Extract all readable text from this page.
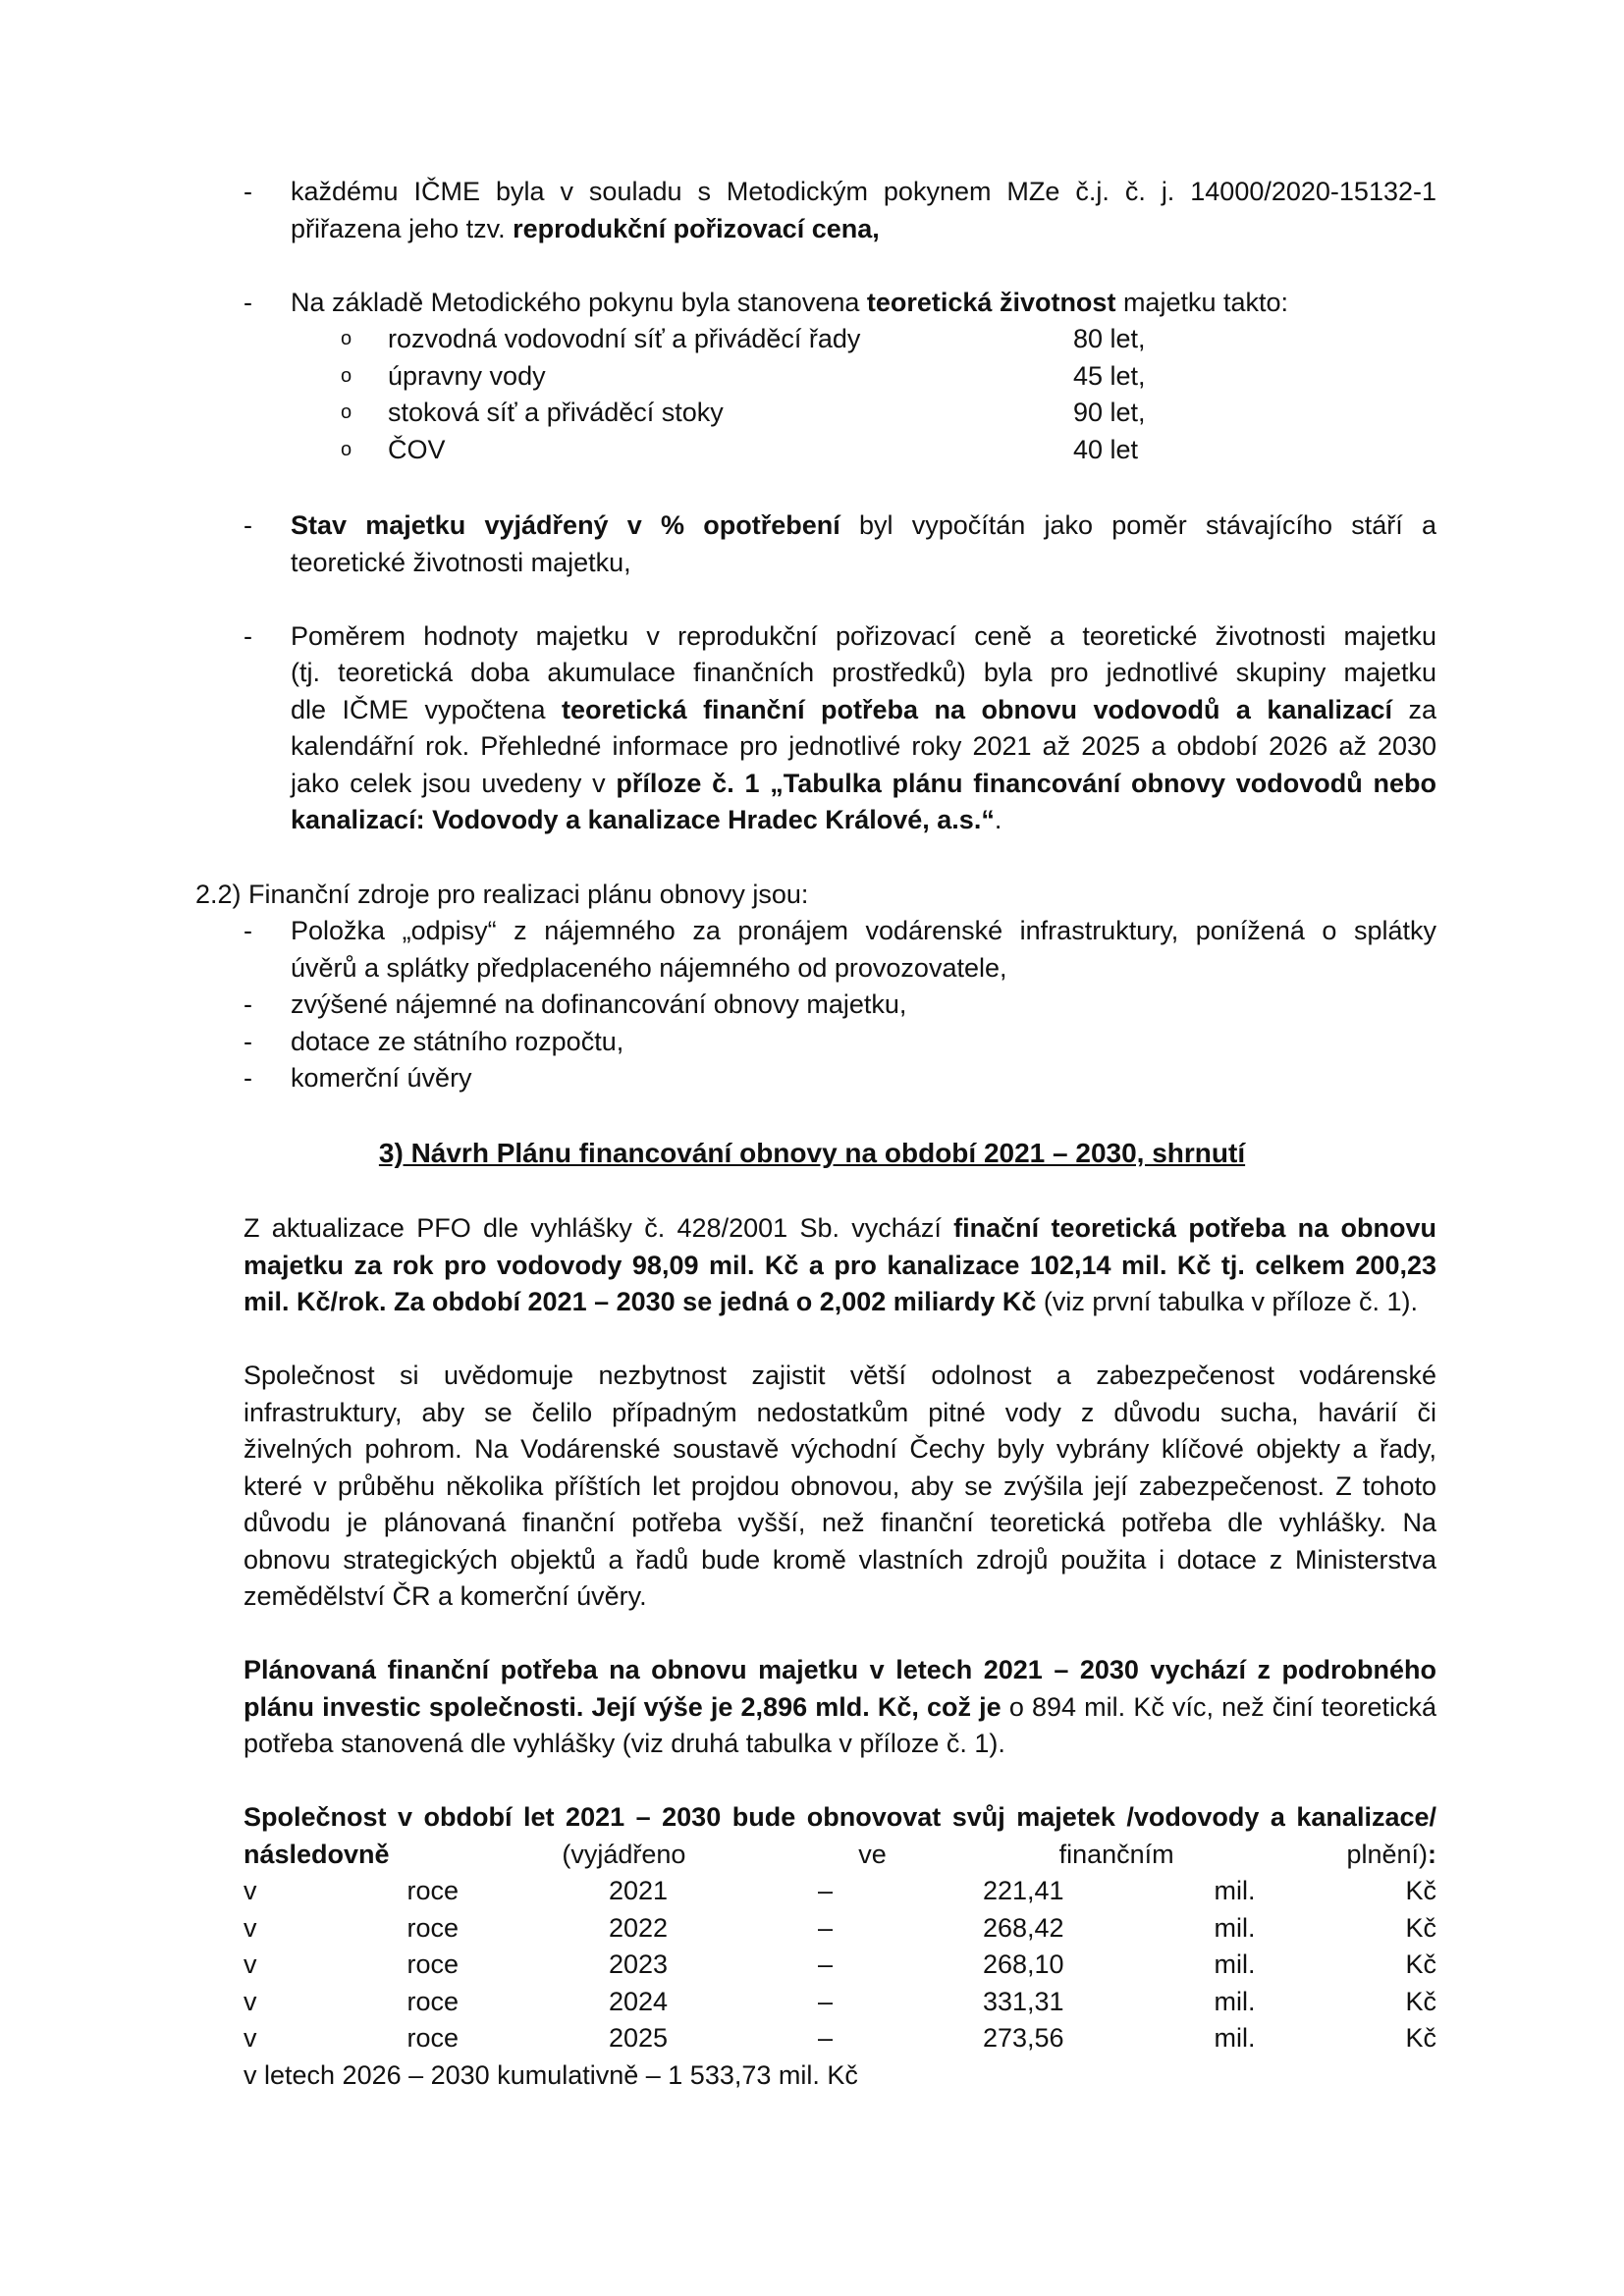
- každému IČME byla v souladu s Metodickým pokynem MZe č.j. č. j. 14000/2020-15132-1
přiřazena jeho tzv. reprodukční pořizovací cena,
- Na základě Metodického pokynu byla stanovena teoretická životnost majetku takto:
o rozvodná vodovodní síť a přiváděcí řady	80 let,
o úpravny vody	45 let,
o stoková síť a přiváděcí stoky	90 let,
o ČOV	40 let
- Stav majetku vyjádřený v % opotřebení byl vypočítán jako poměr stávajícího stáří a
teoretické životnosti majetku,
- Poměrem hodnoty majetku v reprodukční pořizovací ceně a teoretické životnosti majetku
(tj. teoretická doba akumulace finančních prostředků) byla pro jednotlivé skupiny majetku
dle IČME vypočtena teoretická finanční potřeba na obnovu vodovodů a kanalizací za
kalendářní rok. Přehledné informace pro jednotlivé roky 2021 až 2025 a období 2026 až 2030
jako celek jsou uvedeny v příloze č. 1 „Tabulka plánu financování obnovy vodovodů nebo
kanalizací: Vodovody a kanalizace Hradec Králové, a.s.“.
2.2) Finanční zdroje pro realizaci plánu obnovy jsou:
- Položka „odpisy“ z nájemného za pronájem vodárenské infrastruktury, ponížená o splátky
úvěrů a splátky předplaceného nájemného od provozovatele,
- zvýšené nájemné na dofinancování obnovy majetku,
- dotace ze státního rozpočtu,
- komerční úvěry
3) Návrh Plánu financování obnovy na období 2021 – 2030, shrnutí
Z aktualizace PFO dle vyhlášky č. 428/2001 Sb. vychází finační teoretická potřeba na obnovu
majetku za rok pro vodovody 98,09 mil. Kč a pro kanalizace 102,14 mil. Kč tj. celkem 200,23
mil. Kč/rok. Za období 2021 – 2030 se jedná o 2,002 miliardy Kč (viz první tabulka v příloze č. 1).
Společnost si uvědomuje nezbytnost zajistit větší odolnost a zabezpečenost vodárenské
infrastruktury, aby se čelilo případným nedostatkům pitné vody z důvodu sucha, havárií či
živelných pohrom. Na Vodárenské soustavě východní Čechy byly vybrány klíčové objekty a řady,
které v průběhu několika příštích let projdou obnovou, aby se zvýšila její zabezpečenost. Z tohoto
důvodu je plánovaná finanční potřeba vyšší, než finanční teoretická potřeba dle vyhlášky. Na
obnovu strategických objektů a řadů bude kromě vlastních zdrojů použita i dotace z Ministerstva
zemědělství ČR a komerční úvěry.
Plánovaná finanční potřeba na obnovu majetku v letech 2021 – 2030 vychází z podrobného
plánu investic společnosti. Její výše je 2,896 mld. Kč, což je o 894 mil. Kč víc, než činí teoretická
potřeba stanovená dle vyhlášky (viz druhá tabulka v příloze č. 1).
Společnost v období let 2021 – 2030 bude obnovovat svůj majetek /vodovody a kanalizace/
následovně (vyjádřeno ve finančním plnění):
v roce 2021 – 221,41 mil. Kč
v roce 2022 – 268,42 mil. Kč
v roce 2023 – 268,10 mil. Kč
v roce 2024 – 331,31 mil. Kč
v roce 2025 – 273,56 mil. Kč
v letech 2026 – 2030 kumulativně – 1 533,73 mil. Kč
